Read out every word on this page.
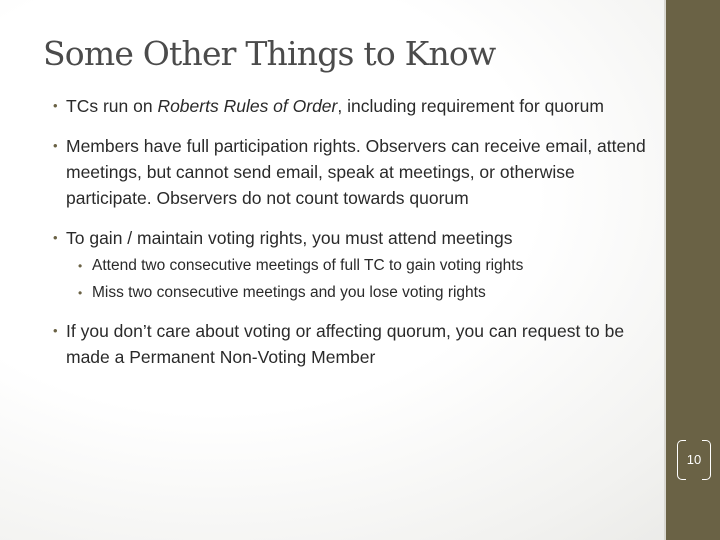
Some Other Things to Know
• TCs run on Roberts Rules of Order, including requirement for quorum
• Members have full participation rights. Observers can receive email, attend meetings, but cannot send email, speak at meetings, or otherwise participate. Observers do not count towards quorum
• To gain / maintain voting rights, you must attend meetings
• Attend two consecutive meetings of full TC to gain voting rights
• Miss two consecutive meetings and you lose voting rights
• If you don’t care about voting or affecting quorum, you can request to be made a Permanent Non-Voting Member
10
